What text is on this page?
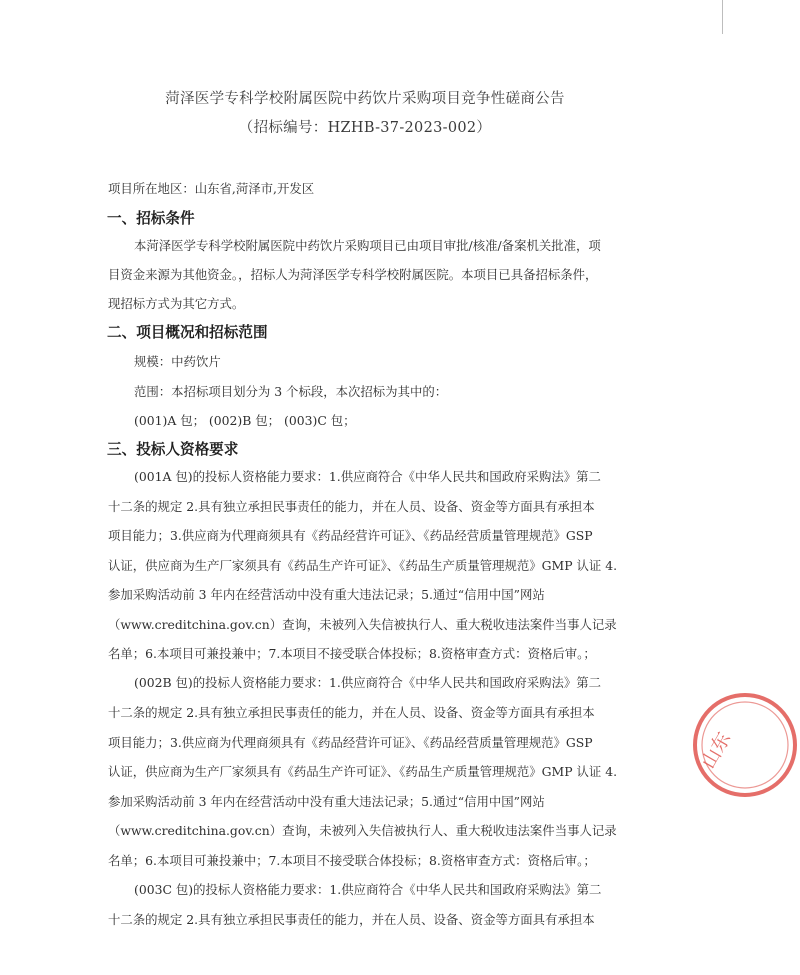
菏泽医学专科学校附属医院中药饮片采购项目竞争性磋商公告
（招标编号：HZHB-37-2023-002）
项目所在地区：山东省,菏泽市,开发区
一、招标条件
本菏泽医学专科学校附属医院中药饮片采购项目已由项目审批/核准/备案机关批准，项
目资金来源为其他资金。，招标人为菏泽医学专科学校附属医院。本项目已具备招标条件，
现招标方式为其它方式。
二、项目概况和招标范围
规模：中药饮片
范围：本招标项目划分为 3 个标段，本次招标为其中的：
(001)A 包； (002)B 包； (003)C 包；
三、投标人资格要求
(001A 包)的投标人资格能力要求：1.供应商符合《中华人民共和国政府采购法》第二
十二条的规定 2.具有独立承担民事责任的能力，并在人员、设备、资金等方面具有承担本
项目能力；3.供应商为代理商须具有《药品经营许可证》、《药品经营质量管理规范》GSP
认证，供应商为生产厂家须具有《药品生产许可证》、《药品生产质量管理规范》GMP 认证 4.
参加采购活动前 3 年内在经营活动中没有重大违法记录；5.通过“信用中国”网站
（www.creditchina.gov.cn）查询，未被列入失信被执行人、重大税收违法案件当事人记录
名单；6.本项目可兼投兼中；7.本项目不接受联合体投标；8.资格审查方式：资格后审。；
(002B 包)的投标人资格能力要求：1.供应商符合《中华人民共和国政府采购法》第二
十二条的规定 2.具有独立承担民事责任的能力，并在人员、设备、资金等方面具有承担本
项目能力；3.供应商为代理商须具有《药品经营许可证》、《药品经营质量管理规范》GSP
认证，供应商为生产厂家须具有《药品生产许可证》、《药品生产质量管理规范》GMP 认证 4.
参加采购活动前 3 年内在经营活动中没有重大违法记录；5.通过“信用中国”网站
（www.creditchina.gov.cn）查询，未被列入失信被执行人、重大税收违法案件当事人记录
名单；6.本项目可兼投兼中；7.本项目不接受联合体投标；8.资格审查方式：资格后审。；
(003C 包)的投标人资格能力要求：1.供应商符合《中华人民共和国政府采购法》第二
十二条的规定 2.具有独立承担民事责任的能力，并在人员、设备、资金等方面具有承担本
山东
